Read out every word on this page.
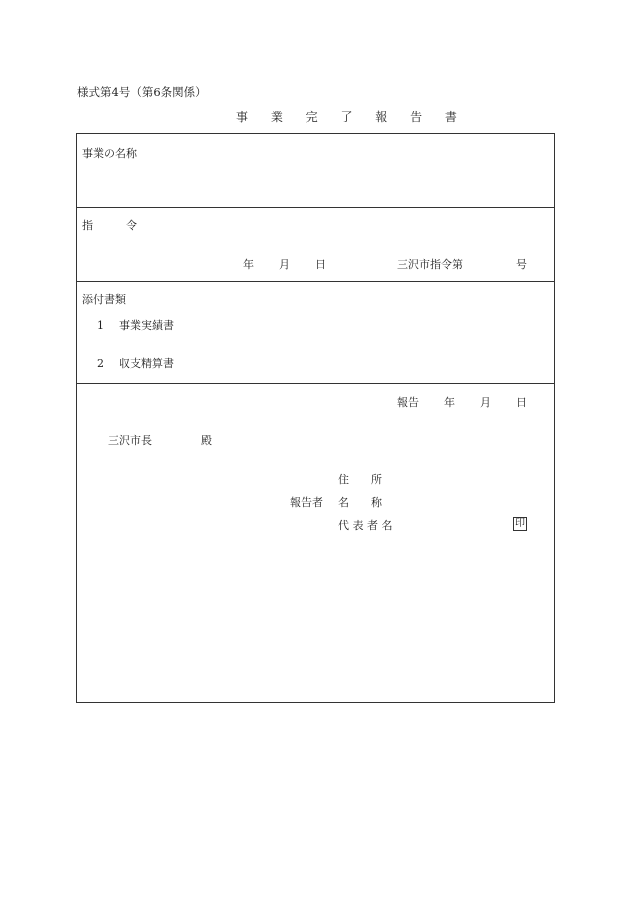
様式第4号（第6条関係）
事 業 完 了 報 告 書
事業の名称
指　　　令
年 月 日	三沢市指令第	号
添付書類
1 事業実績書
2 収支精算書
報告 年 月 日
三沢市長	殿
住　　所
報告者 名　　称
代 表 者 名	印
